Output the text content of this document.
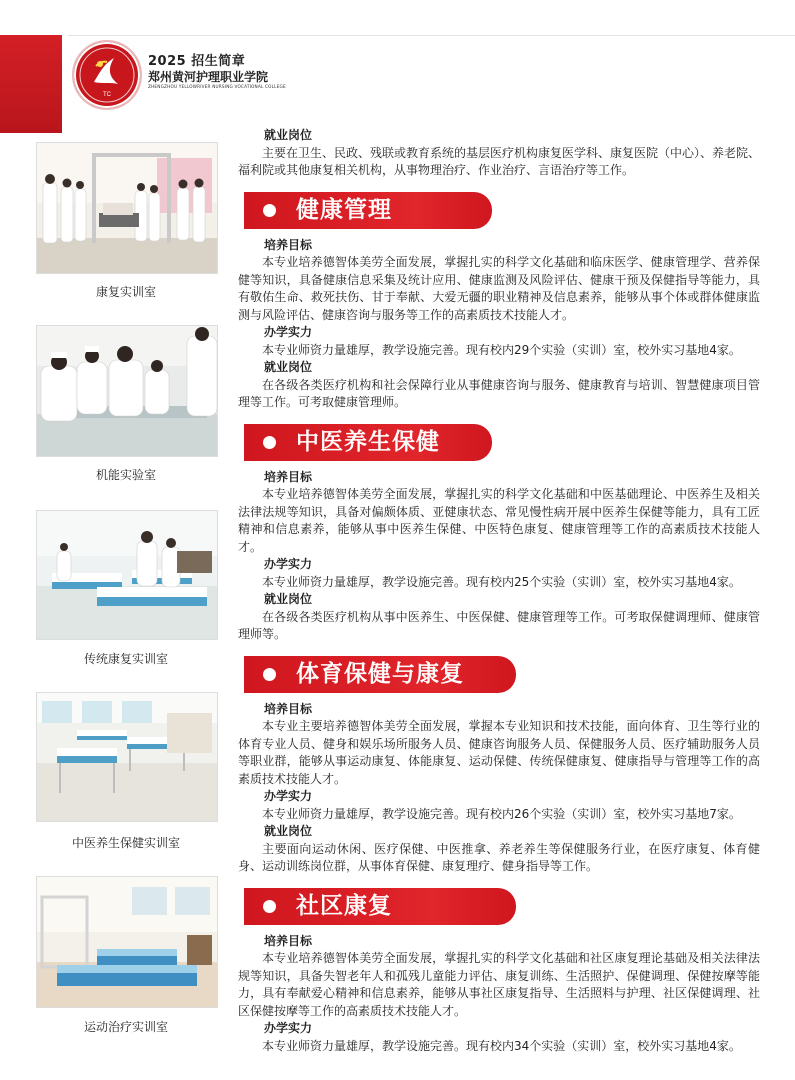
TC
2025 招生简章
郑州黄河护理职业学院
ZHENGZHOU YELLOWRIVER NURSING VOCATIONAL COLLEGE
康复实训室
机能实验室
传统康复实训室
中医养生保健实训室
运动治疗实训室
就业岗位

主要在卫生、民政、残联或教育系统的基层医疗机构康复医学科、康复医院（中心）、养老院、福利院或其他康复相关机构，从事物理治疗、作业治疗、言语治疗等工作。

健康管理
培养目标

本专业培养德智体美劳全面发展，掌握扎实的科学文化基础和临床医学、健康管理学、营养保健等知识，具备健康信息采集及统计应用、健康监测及风险评估、健康干预及保健指导等能力，具有敬佑生命、救死扶伤、甘于奉献、大爱无疆的职业精神及信息素养，能够从事个体或群体健康监测与风险评估、健康咨询与服务等工作的高素质技术技能人才。

办学实力

本专业师资力量雄厚，教学设施完善。现有校内29个实验（实训）室，校外实习基地4家。

就业岗位

在各级各类医疗机构和社会保障行业从事健康咨询与服务、健康教育与培训、智慧健康项目管理等工作。可考取健康管理师。

中医养生保健
培养目标

本专业培养德智体美劳全面发展，掌握扎实的科学文化基础和中医基础理论、中医养生及相关法律法规等知识，具备对偏颇体质、亚健康状态、常见慢性病开展中医养生保健等能力，具有工匠精神和信息素养，能够从事中医养生保健、中医特色康复、健康管理等工作的高素质技术技能人才。

办学实力

本专业师资力量雄厚，教学设施完善。现有校内25个实验（实训）室，校外实习基地4家。

就业岗位

在各级各类医疗机构从事中医养生、中医保健、健康管理等工作。可考取保健调理师、健康管理师等。

体育保健与康复
培养目标

本专业主要培养德智体美劳全面发展，掌握本专业知识和技术技能，面向体育、卫生等行业的体育专业人员、健身和娱乐场所服务人员、健康咨询服务人员、保健服务人员、医疗辅助服务人员等职业群，能够从事运动康复、体能康复、运动保健、传统保健康复、健康指导与管理等工作的高素质技术技能人才。

办学实力

本专业师资力量雄厚，教学设施完善。现有校内26个实验（实训）室，校外实习基地7家。

就业岗位

主要面向运动休闲、医疗保健、中医推拿、养老养生等保健服务行业，在医疗康复、体育健身、运动训练岗位群，从事体育保健、康复理疗、健身指导等工作。

社区康复
培养目标

本专业培养德智体美劳全面发展，掌握扎实的科学文化基础和社区康复理论基础及相关法律法规等知识，具备失智老年人和孤残儿童能力评估、康复训练、生活照护、保健调理、保健按摩等能力，具有奉献爱心精神和信息素养，能够从事社区康复指导、生活照料与护理、社区保健调理、社区保健按摩等工作的高素质技术技能人才。

办学实力

本专业师资力量雄厚，教学设施完善。现有校内34个实验（实训）室，校外实习基地4家。
